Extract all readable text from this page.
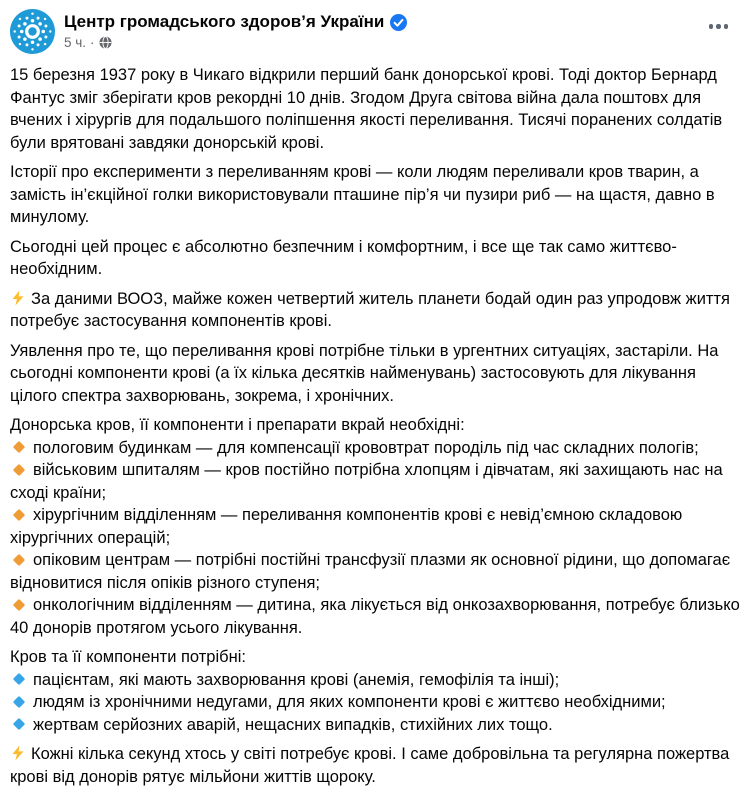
Центр громадського здоров’я України
5 ч. ·

15 березня 1937 року в Чикаго відкрили перший банк донорської крові. Тоді доктор Бернард Фантус зміг зберігати кров рекордні 10 днів. Згодом Друга світова війна дала поштовх для вчених і хірургів для подальшого поліпшення якості переливання. Тисячі поранених солдатів були врятовані завдяки донорській крові.

Історії про експерименти з переливанням крові — коли людям переливали кров тварин, а замість ін’єкційної голки використовували пташине пір’я чи пузири риб — на щастя, давно в минулому.

Сьогодні цей процес є абсолютно безпечним і комфортним, і все ще так само життєво-необхідним.

За даними ВООЗ, майже кожен четвертий житель планети бодай один раз упродовж життя потребує застосування компонентів крові.

Уявлення про те, що переливання крові потрібне тільки в ургентних ситуаціях, застаріли. На сьогодні компоненти крові (а їх кілька десятків найменувань) застосовують для лікування цілого спектра захворювань, зокрема, і хронічних.

Донорська кров, її компоненти і препарати вкрай необхідні:

пологовим будинкам — для компенсації крововтрат породіль під час складних пологів;
військовим шпиталям — кров постійно потрібна хлопцям і дівчатам, які захищають нас на сході країни;
хірургічним відділенням — переливання компонентів крові є невід’ємною складовою хірургічних операцій;
опіковим центрам — потрібні постійні трансфузії плазми як основної рідини, що допомагає відновитися після опіків різного ступеня;
онкологічним відділенням — дитина, яка лікується від онкозахворювання, потребує близько 40 донорів протягом усього лікування.

Кров та її компоненти потрібні:

пацієнтам, які мають захворювання крові (анемія, гемофілія та інші);
людям із хронічними недугами, для яких компоненти крові є життєво необхідними;
жертвам серйозних аварій, нещасних випадків, стихійних лих тощо.

Кожні кілька секунд хтось у світі потребує крові. І саме добровільна та регулярна пожертва крові від донорів рятує мільйони життів щороку.
